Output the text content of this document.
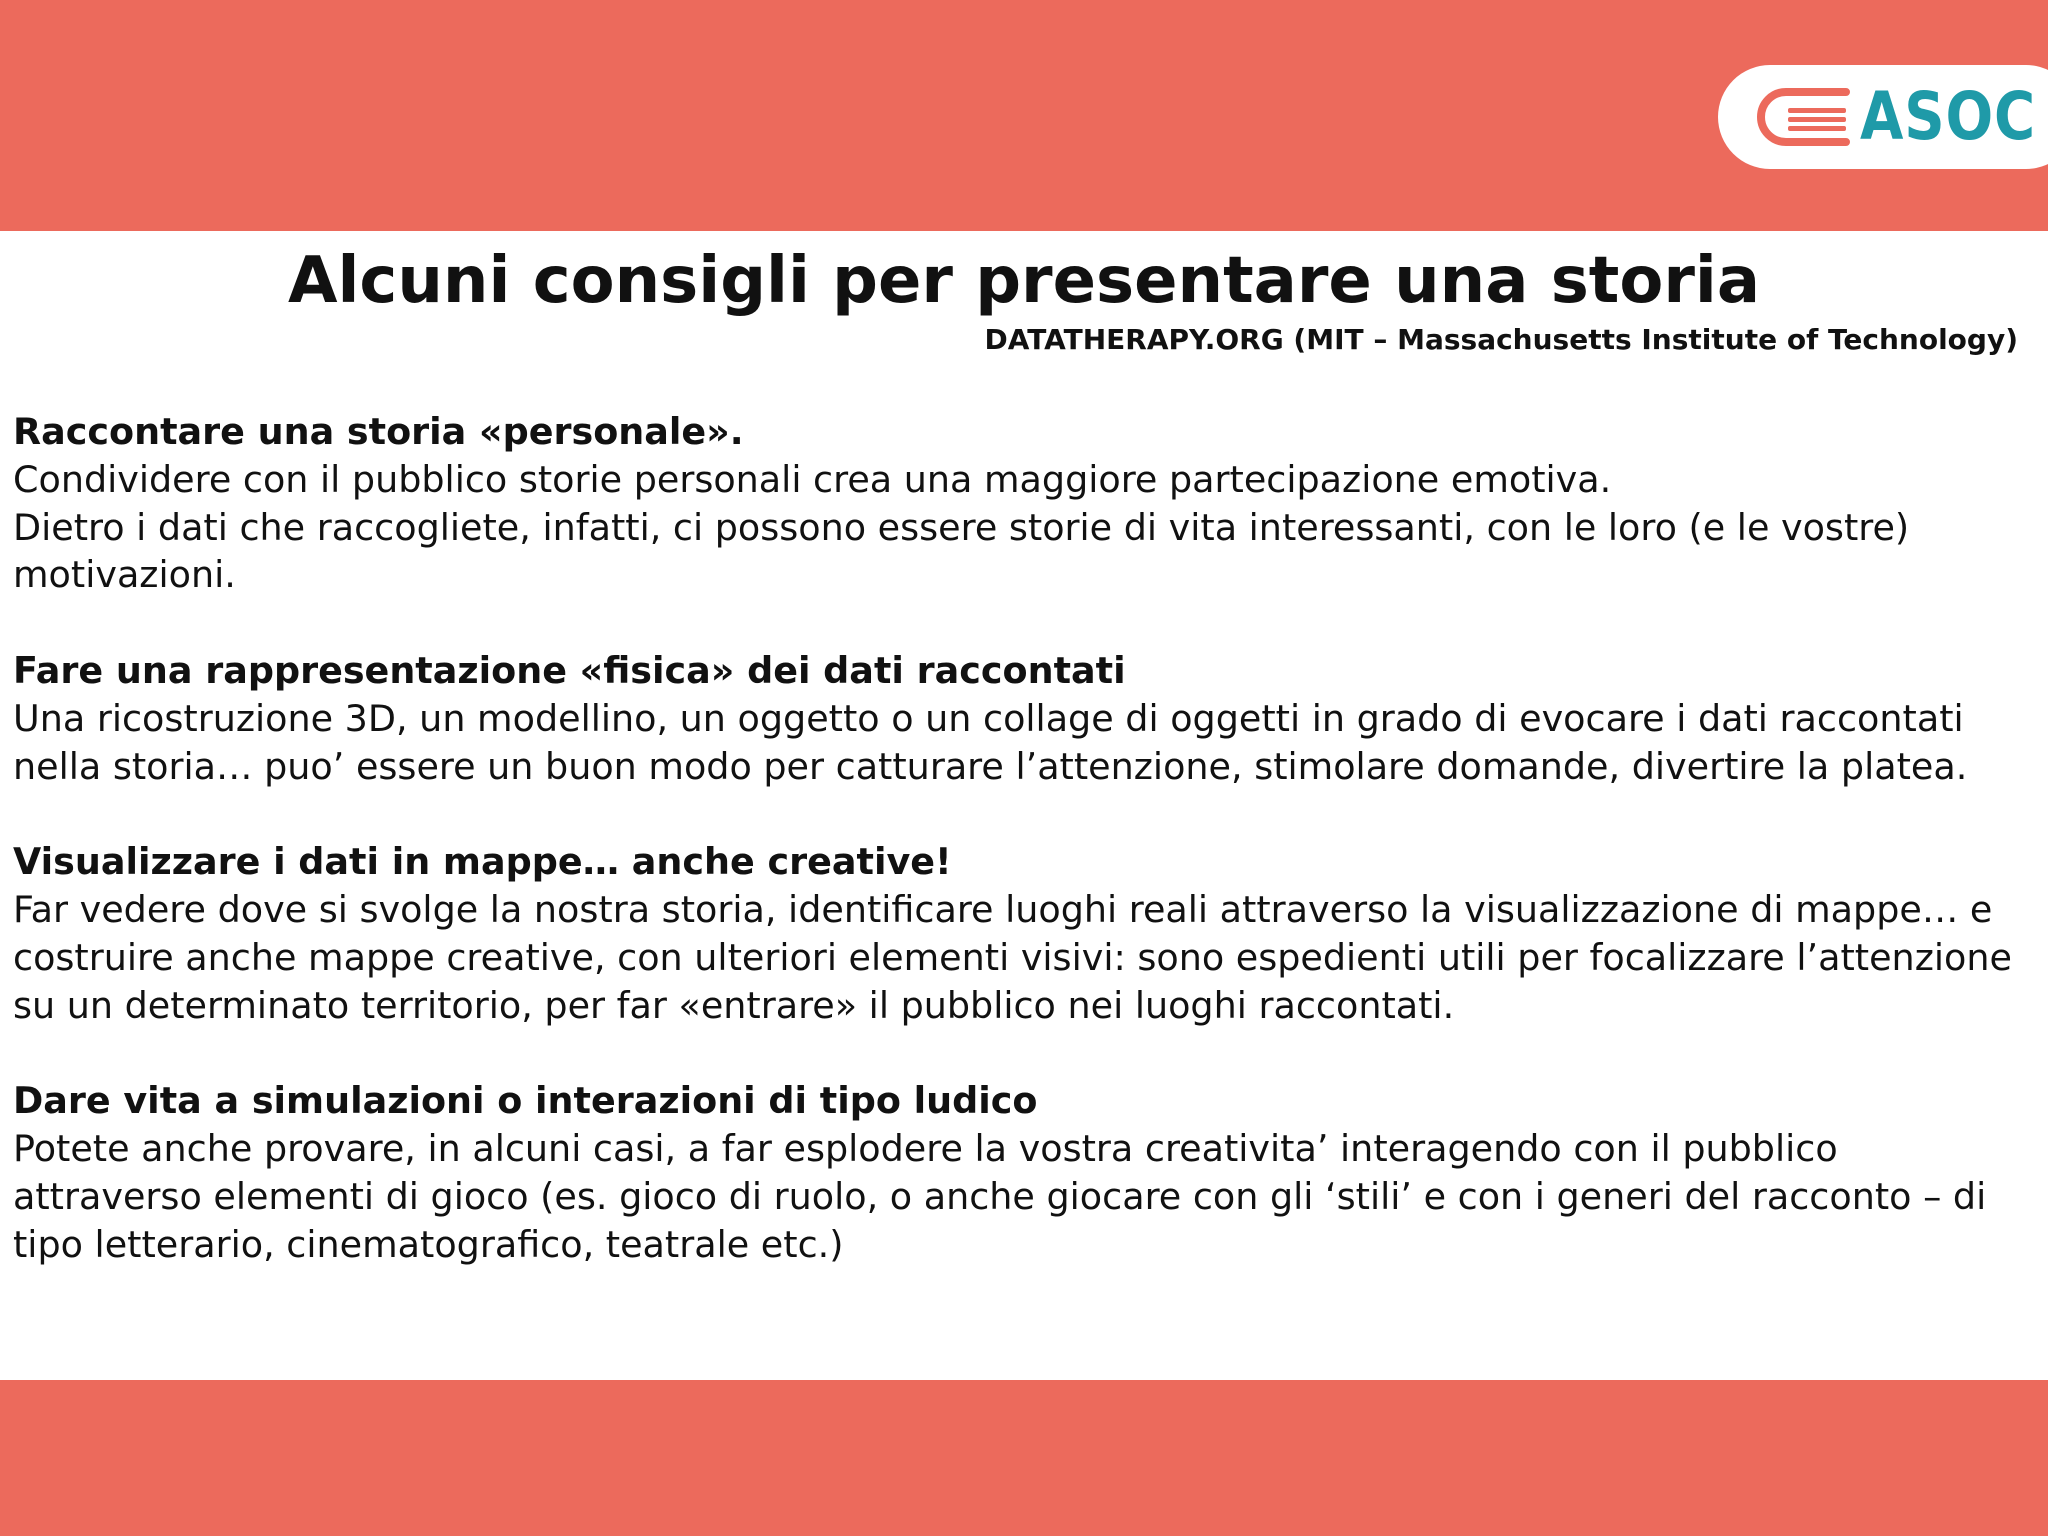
ASOC
Alcuni consigli per presentare una storia

DATATHERAPY.ORG (MIT – Massachusetts Institute of Technology)

Raccontare una storia «personale».
Condividere con il pubblico storie personali crea una maggiore partecipazione emotiva.
Dietro i dati che raccogliete, infatti, ci possono essere storie di vita interessanti, con le loro (e le vostre) motivazioni.
Fare una rappresentazione «fisica» dei dati raccontati
Una ricostruzione 3D, un modellino, un oggetto o un collage di oggetti in grado di evocare i dati raccontati nella storia… puo’ essere un buon modo per catturare l’attenzione, stimolare domande, divertire la platea.
Visualizzare i dati in mappe… anche creative!
Far vedere dove si svolge la nostra storia, identificare luoghi reali attraverso la visualizzazione di mappe… e costruire anche mappe creative, con ulteriori elementi visivi: sono espedienti utili per focalizzare l’attenzione su un determinato territorio, per far «entrare» il pubblico nei luoghi raccontati.
Dare vita a simulazioni o interazioni di tipo ludico
Potete anche provare, in alcuni casi, a far esplodere la vostra creativita’ interagendo con il pubblico attraverso elementi di gioco (es. gioco di ruolo, o anche giocare con gli ‘stili’ e con i generi del racconto – di tipo letterario, cinematografico, teatrale etc.)
